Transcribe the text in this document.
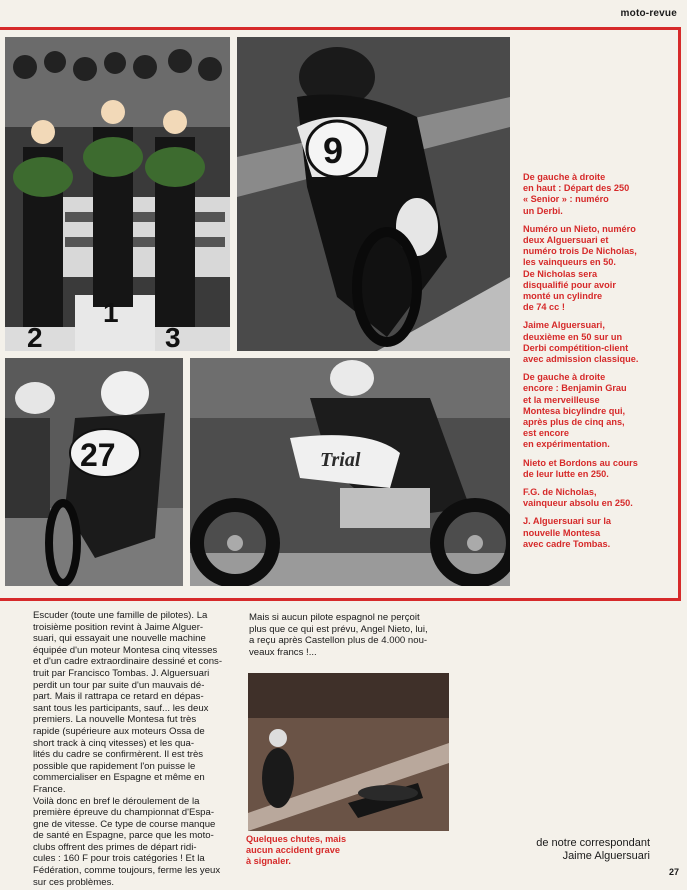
moto-revue
2
1
3
9
27	Trial

De gauche à droite
en haut : Départ des 250
« Senior » : numéro
un Derbi.

Numéro un Nieto, numéro
deux Alguersuari et
numéro trois De Nicholas,
les vainqueurs en 50.
De Nicholas sera
disqualifié pour avoir
monté un cylindre
de 74 cc !

Jaime Alguersuari,
deuxième en 50 sur un
Derbi compétition-client
avec admission classique.

De gauche à droite
encore : Benjamin Grau
et la merveilleuse
Montesa bicylindre qui,
après plus de cinq ans,
est encore
en expérimentation.

Nieto et Bordons au cours
de leur lutte en 250.

F.G. de Nicholas,
vainqueur absolu en 250.

J. Alguersuari sur la
nouvelle Montesa
avec cadre Tombas.

Escuder (toute une famille de pilotes). La
troisième position revint à Jaime Alguer-
suari, qui essayait une nouvelle machine
équipée d'un moteur Montesa cinq vitesses
et d'un cadre extraordinaire dessiné et cons-
truit par Francisco Tombas. J. Alguersuari
perdit un tour par suite d'un mauvais dé-
part. Mais il rattrapa ce retard en dépas-
sant tous les participants, sauf... les deux
premiers. La nouvelle Montesa fut très
rapide (supérieure aux moteurs Ossa de
short track à cinq vitesses) et les qua-
lités du cadre se confirmèrent. Il est très
possible que rapidement l'on puisse le
commercialiser en Espagne et même en
France.
Voilà donc en bref le déroulement de la
première épreuve du championnat d'Espa-
gne de vitesse. Ce type de course manque
de santé en Espagne, parce que les moto-
clubs offrent des primes de départ ridi-
cules : 160 F pour trois catégories ! Et la
Fédération, comme toujours, ferme les yeux
sur ces problèmes.
Mais si aucun pilote espagnol ne perçoit
plus que ce qui est prévu, Angel Nieto, lui,
a reçu après Castellon plus de 4.000 nou-
veaux francs !...
Quelques chutes, mais
aucun accident grave
à signaler.
de notre correspondant
Jaime Alguersuari
27
